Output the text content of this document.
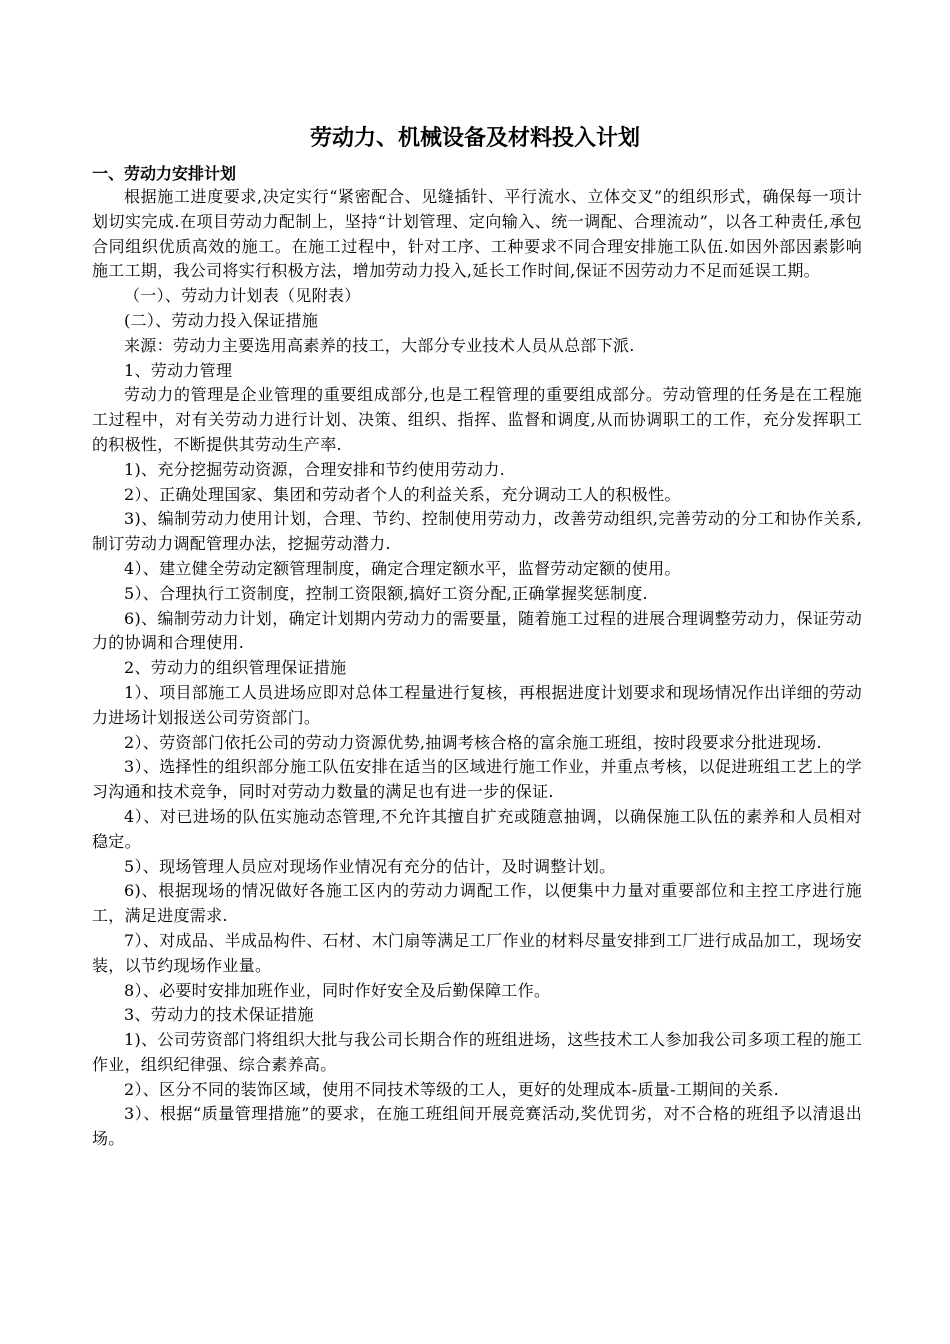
劳动力、机械设备及材料投入计划
一、劳动力安排计划

根据施工进度要求,决定实行“紧密配合、见缝插针、平行流水、立体交叉”的组织形式，确保每一项计划切实完成.在项目劳动力配制上，坚持“计划管理、定向输入、统一调配、合理流动”，以各工种责任,承包合同组织优质高效的施工。在施工过程中，针对工序、工种要求不同合理安排施工队伍.如因外部因素影响施工工期，我公司将实行积极方法，增加劳动力投入,延长工作时间,保证不因劳动力不足而延误工期。

（一）、劳动力计划表（见附表）

(二）、劳动力投入保证措施

来源：劳动力主要选用高素养的技工，大部分专业技术人员从总部下派.

1、劳动力管理

劳动力的管理是企业管理的重要组成部分,也是工程管理的重要组成部分。劳动管理的任务是在工程施工过程中，对有关劳动力进行计划、决策、组织、指挥、监督和调度,从而协调职工的工作，充分发挥职工的积极性，不断提供其劳动生产率.

1)、充分挖掘劳动资源，合理安排和节约使用劳动力.

2）、正确处理国家、集团和劳动者个人的利益关系，充分调动工人的积极性。

3)、编制劳动力使用计划，合理、节约、控制使用劳动力，改善劳动组织,完善劳动的分工和协作关系,制订劳动力调配管理办法，挖掘劳动潜力.

4）、建立健全劳动定额管理制度，确定合理定额水平，监督劳动定额的使用。

5）、合理执行工资制度，控制工资限额,搞好工资分配,正确掌握奖惩制度.

6)、编制劳动力计划，确定计划期内劳动力的需要量，随着施工过程的进展合理调整劳动力，保证劳动力的协调和合理使用.

2、劳动力的组织管理保证措施

1）、项目部施工人员进场应即对总体工程量进行复核，再根据进度计划要求和现场情况作出详细的劳动力进场计划报送公司劳资部门。

2）、劳资部门依托公司的劳动力资源优势,抽调考核合格的富余施工班组，按时段要求分批进现场.

3）、选择性的组织部分施工队伍安排在适当的区域进行施工作业，并重点考核，以促进班组工艺上的学习沟通和技术竞争，同时对劳动力数量的满足也有进一步的保证.

4）、对已进场的队伍实施动态管理,不允许其擅自扩充或随意抽调，以确保施工队伍的素养和人员相对稳定。

5）、现场管理人员应对现场作业情况有充分的估计，及时调整计划。

6)、根据现场的情况做好各施工区内的劳动力调配工作，以便集中力量对重要部位和主控工序进行施工，满足进度需求.

7）、对成品、半成品构件、石材、木门扇等满足工厂作业的材料尽量安排到工厂进行成品加工，现场安装，以节约现场作业量。

8）、必要时安排加班作业，同时作好安全及后勤保障工作。

3、劳动力的技术保证措施

1)、公司劳资部门将组织大批与我公司长期合作的班组进场，这些技术工人参加我公司多项工程的施工作业，组织纪律强、综合素养高。

2）、区分不同的装饰区域，使用不同技术等级的工人，更好的处理成本-质量-工期间的关系.

3）、根据“质量管理措施”的要求，在施工班组间开展竞赛活动,奖优罚劣，对不合格的班组予以清退出场。
